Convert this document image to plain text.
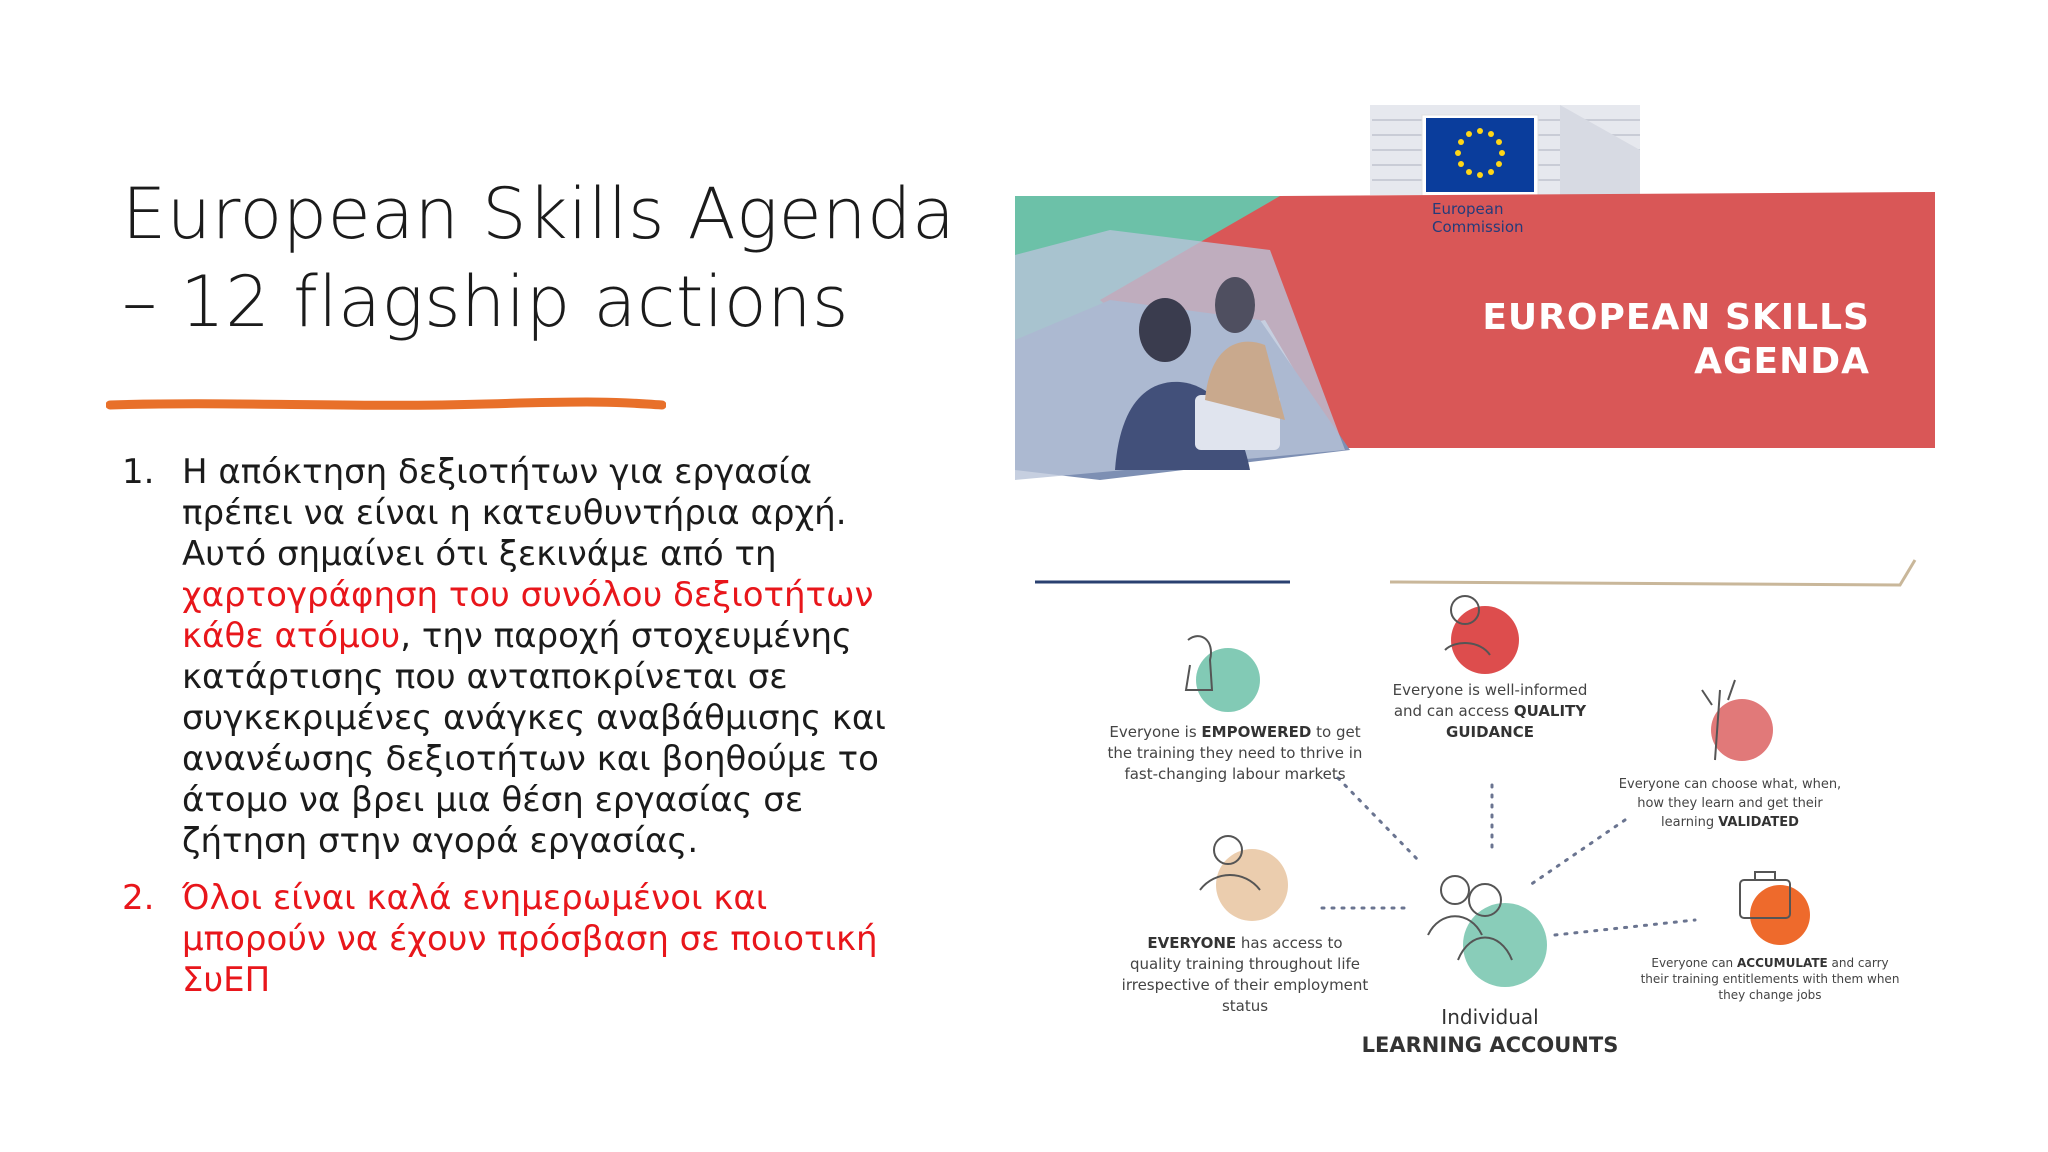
European Skills Agenda
– 12 flagship actions
1. Η απόκτηση δεξιοτήτων για εργασία πρέπει να είναι η κατευθυντήρια αρχή. Αυτό σημαίνει ότι ξεκινάμε από τη χαρτογράφηση του συνόλου δεξιοτήτων κάθε ατόμου, την παροχή στοχευμένης κατάρτισης που ανταποκρίνεται σε συγκεκριμένες ανάγκες αναβάθμισης και ανανέωσης δεξιοτήτων και βοηθούμε το άτομο να βρει μια θέση εργασίας σε ζήτηση στην αγορά εργασίας.
2. Όλοι είναι καλά ενημερωμένοι και μπορούν να έχουν πρόσβαση σε ποιοτική ΣυΕΠ
European
Commission
EUROPEAN SKILLS
AGENDA
Everyone is EMPOWERED to get the training they need to thrive in fast-changing labour markets
Everyone is well-informed and can access QUALITY GUIDANCE
Everyone can choose what, when, how they learn and get their learning VALIDATED
EVERYONE has access to quality training throughout life irrespective of their employment status
Everyone can ACCUMULATE and carry their training entitlements with them when they change jobs
Individual
LEARNING ACCOUNTS
